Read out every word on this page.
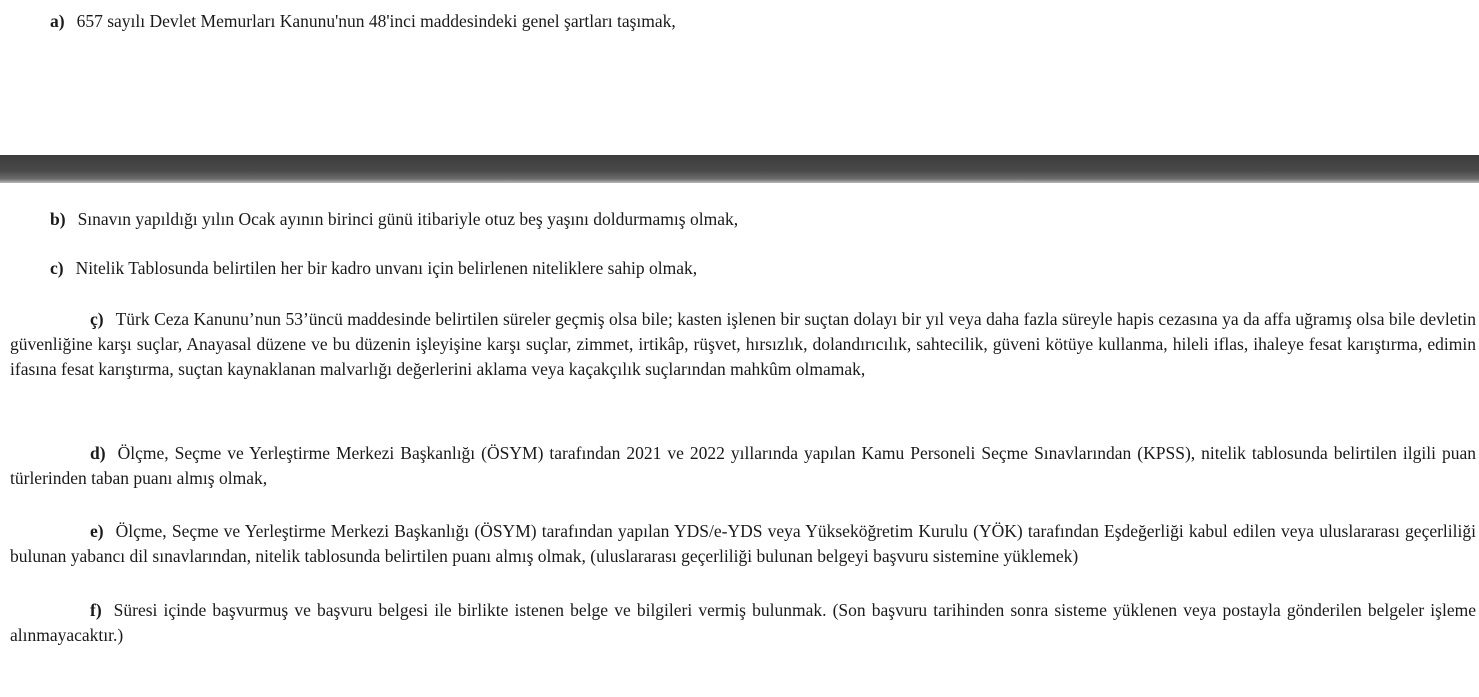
a) 657 sayılı Devlet Memurları Kanunu'nun 48'inci maddesindeki genel şartları taşımak,

b) Sınavın yapıldığı yılın Ocak ayının birinci günü itibariyle otuz beş yaşını doldurmamış olmak,

c) Nitelik Tablosunda belirtilen her bir kadro unvanı için belirlenen niteliklere sahip olmak,

ç) Türk Ceza Kanunu’nun 53’üncü maddesinde belirtilen süreler geçmiş olsa bile; kasten işlenen bir suçtan dolayı bir yıl veya daha fazla süreyle hapis cezasına ya da affa uğramış olsa bile devletin güvenliğine karşı suçlar, Anayasal düzene ve bu düzenin işleyişine karşı suçlar, zimmet, irtikâp, rüşvet, hırsızlık, dolandırıcılık, sahtecilik, güveni kötüye kullanma, hileli iflas, ihaleye fesat karıştırma, edimin ifasına fesat karıştırma, suçtan kaynaklanan malvarlığı değerlerini aklama veya kaçakçılık suçlarından mahkûm olmamak,

d) Ölçme, Seçme ve Yerleştirme Merkezi Başkanlığı (ÖSYM) tarafından 2021 ve 2022 yıllarında yapılan Kamu Personeli Seçme Sınavlarından (KPSS), nitelik tablosunda belirtilen ilgili puan türlerinden taban puanı almış olmak,

e) Ölçme, Seçme ve Yerleştirme Merkezi Başkanlığı (ÖSYM) tarafından yapılan YDS/e-YDS veya Yükseköğretim Kurulu (YÖK) tarafından Eşdeğerliği kabul edilen veya uluslararası geçerliliği bulunan yabancı dil sınavlarından, nitelik tablosunda belirtilen puanı almış olmak, (uluslararası geçerliliği bulunan belgeyi başvuru sistemine yüklemek)

f) Süresi içinde başvurmuş ve başvuru belgesi ile birlikte istenen belge ve bilgileri vermiş bulunmak. (Son başvuru tarihinden sonra sisteme yüklenen veya postayla gönderilen belgeler işleme alınmayacaktır.)
